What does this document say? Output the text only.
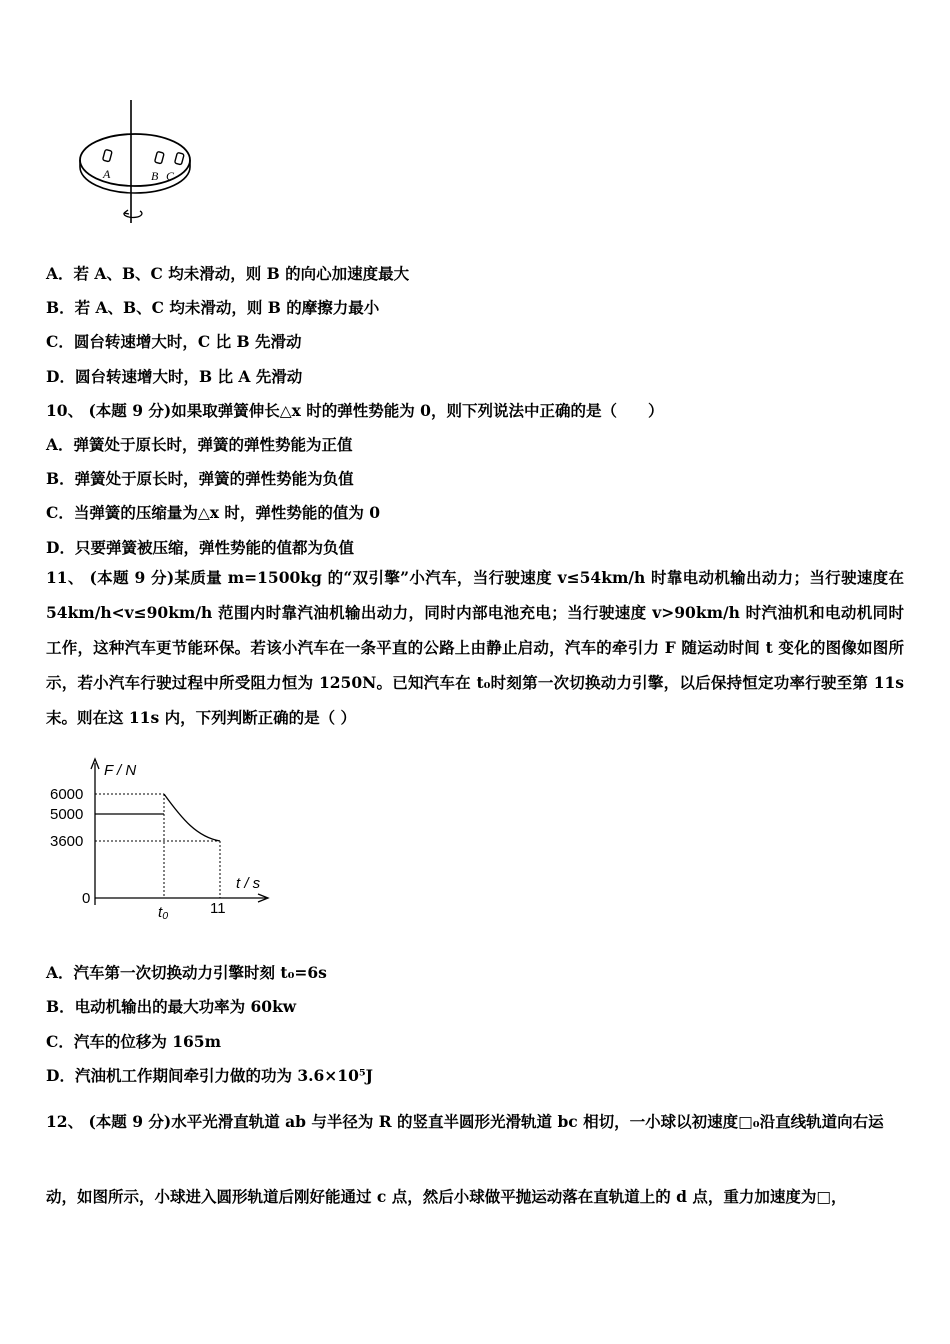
A	B C
A．若 A、B、C 均未滑动，则 B 的向心加速度最大
B．若 A、B、C 均未滑动，则 B 的摩擦力最小
C．圆台转速增大时，C 比 B 先滑动
D．圆台转速增大时，B 比 A 先滑动
10、 (本题 9 分)如果取弹簧伸长△x 时的弹性势能为 0，则下列说法中正确的是（　　）
A．弹簧处于原长时，弹簧的弹性势能为正值
B．弹簧处于原长时，弹簧的弹性势能为负值
C．当弹簧的压缩量为△x 时，弹性势能的值为 0
D．只要弹簧被压缩，弹性势能的值都为负值
11、 (本题 9 分)某质量 m=1500kg 的“双引擎”小汽车，当行驶速度 v≤54km/h 时靠电动机输出动力；当行驶速度在 54km/h<v≤90km/h 范围内时靠汽油机输出动力，同时内部电池充电；当行驶速度 v>90km/h 时汽油机和电动机同时工作，这种汽车更节能环保。若该小汽车在一条平直的公路上由静止启动，汽车的牵引力 F 随运动时间 t 变化的图像如图所示，若小汽车行驶过程中所受阻力恒为 1250N。已知汽车在 t₀时刻第一次切换动力引擎，以后保持恒定功率行驶至第 11s 末。则在这 11s 内，下列判断正确的是（ ）
F / N
t / s
6000
5000
3600
0
t₀	11
A．汽车第一次切换动力引擎时刻 t₀=6s
B．电动机输出的最大功率为 60kw
C．汽车的位移为 165m
D．汽油机工作期间牵引力做的功为 3.6×10⁵J
12、 (本题 9 分)水平光滑直轨道 ab 与半径为 R 的竖直半圆形光滑轨道 bc 相切，一小球以初速度□₀沿直线轨道向右运
动，如图所示，小球进入圆形轨道后刚好能通过 c 点，然后小球做平抛运动落在直轨道上的 d 点，重力加速度为□，
